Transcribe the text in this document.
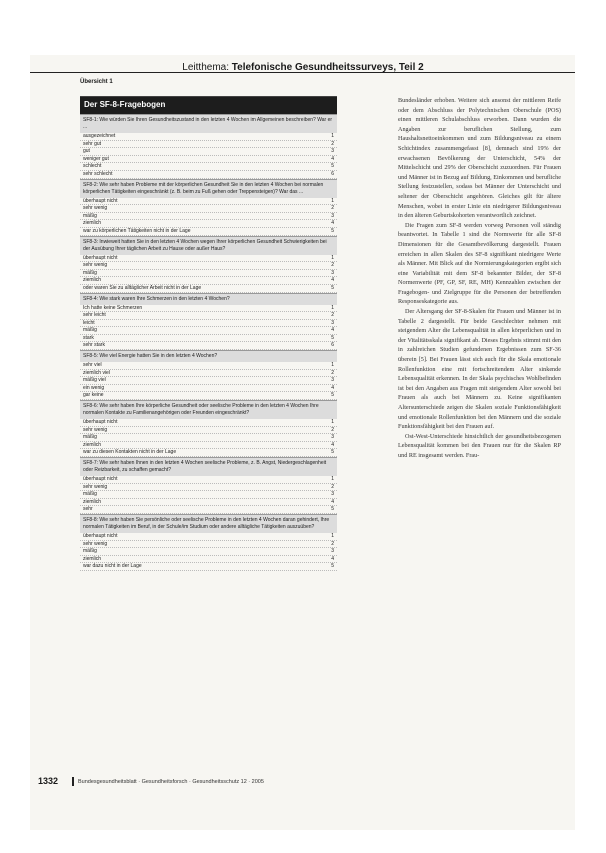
Leitthema: Telefonische Gesundheitssurveys, Teil 2
Übersicht 1
Der SF-8-Fragebogen
SF8-1: Wie würden Sie Ihren Gesundheitszustand in den letzten 4 Wochen im Allgemeinen beschreiben? War er ...
ausgezeichnet	1
sehr gut	2
gut	3
weniger gut	4
schlecht	5
sehr schlecht	6
SF8-2: Wie sehr haben Probleme mit der körperlichen Gesundheit Sie in den letzten 4 Wochen bei normalen körperlichen Tätigkeiten eingeschränkt (z. B. beim zu Fuß gehen oder Treppensteigen)? War das ...
überhaupt nicht	1
sehr wenig	2
mäßig	3
ziemlich	4
war zu körperlichen Tätigkeiten nicht in der Lage	5
SF8-3: Inwieweit hatten Sie in den letzten 4 Wochen wegen Ihrer körperlichen Gesundheit Schwierigkeiten bei der Ausübung Ihrer täglichen Arbeit zu Hause oder außer Haus?
überhaupt nicht	1
sehr wenig	2
mäßig	3
ziemlich	4
oder waren Sie zu alltäglicher Arbeit nicht in der Lage	5
SF8-4: Wie stark waren Ihre Schmerzen in den letzten 4 Wochen?
Ich hatte keine Schmerzen	1
sehr leicht	2
leicht	3
mäßig	4
stark	5
sehr stark	6
SF8-5: Wie viel Energie hatten Sie in den letzten 4 Wochen?
sehr viel	1
ziemlich viel	2
mäßig viel	3
ein wenig	4
gar keine	5
SF8-6: Wie sehr haben Ihre körperliche Gesundheit oder seelische Probleme in den letzten 4 Wochen Ihre normalen Kontakte zu Familienangehörigen oder Freunden eingeschränkt?
überhaupt nicht	1
sehr wenig	2
mäßig	3
ziemlich	4
war zu diesen Kontakten nicht in der Lage	5
SF8-7: Wie sehr haben Ihnen in den letzten 4 Wochen seelische Probleme, z. B. Angst, Niedergeschlagenheit oder Reizbarkeit, zu schaffen gemacht?
überhaupt nicht	1
sehr wenig	2
mäßig	3
ziemlich	4
sehr	5
SF8-8: Wie sehr haben Sie persönliche oder seelische Probleme in den letzten 4 Wochen daran gehindert, Ihre normalen Tätigkeiten im Beruf, in der Schule/im Studium oder andere alltägliche Tätigkeiten auszuüben?
überhaupt nicht	1
sehr wenig	2
mäßig	3
ziemlich	4
war dazu nicht in der Lage	5

Bundesländer erhoben. Weitere sich ansonst der mittleren Reife oder dem Abschluss der Polytechnischen Oberschule (POS) einen mittleren Schulabschluss erworben. Dann wurden die Angaben zur beruflichen Stellung, zum Haushaltsnettoeinkommen und zum Bildungsniveau zu einem Schichtindex zusammengefasst [8], demnach sind 19% der erwachsenen Bevölkerung der Unterschicht, 54% der Mittelschicht und 29% der Oberschicht zuzuordnen. Für Frauen und Männer ist in Bezug auf Bildung, Einkommen und berufliche Stellung festzustellen, sodass bei Männer der Unterschicht und seltener der Oberschicht angehören. Gleiches gilt für ältere Menschen, wobei in erster Linie ein niedrigerer Bildungsniveau in den älteren Geburtskohorten verantwortlich zeichnet.

Die Fragen zum SF-8 werden vorweg Personen voll ständig beantwortet. In Tabelle 1 sind die Normwerte für alle SF-8 Dimensionen für die Gesamtbevölkerung dargestellt. Frauen erreichen in allen Skalen des SF-8 signifikant niedrigere Werte als Männer. Mit Blick auf die Normierungskategorien ergibt sich eine Variabilität mit dem SF-8 bekannter Bilder, der SF-8 Normenwerte (PF, GP, SF, RE, MH) Kennzahlen zwischen der Fragebogen- und Zielgruppe für die Personen der betreffenden Responseskategorie aus.

Der Altersgang der SF-8-Skalen für Frauen und Männer ist in Tabelle 2 dargestellt. Für beide Geschlechter nehmen mit steigendem Alter die Lebensqualität in allen körperlichen und in der Vitalitätsskala signifikant ab. Dieses Ergebnis stimmt mit den in zahlreichen Studien gefundenen Ergebnissen zum SF-36 überein [5]. Bei Frauen lässt sich auch für die Skala emotionale Rollenfunktion eine mit fortschreitendem Alter sinkende Lebensqualität erkennen. In der Skala psychisches Wohlbefinden ist bei den Angaben aus Fragen mit steigendem Alter sowohl bei Frauen als auch bei Männern zu. Keine signifikanten Altersunterschiede zeigen die Skalen soziale Funktionsfähigkeit und emotionale Rollenfunktion bei den Männern und die soziale Funktionsfähigkeit bei den Frauen auf.

Ost-West-Unterschiede hinsichtlich der gesundheitsbezogenen Lebensqualität kommen bei den Frauen nur für die Skalen RP und RE insgesamt werden. Frau-

1332	Bundesgesundheitsblatt · Gesundheitsforsch · Gesundheitsschutz 12 · 2005
